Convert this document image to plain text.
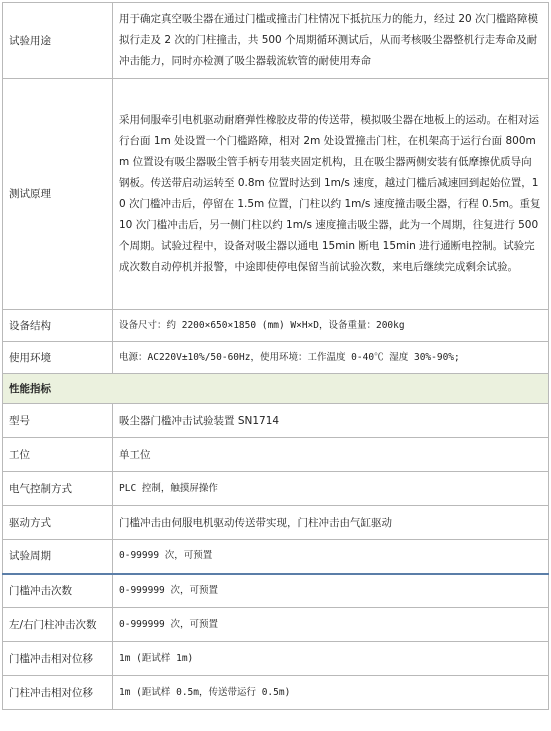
试验用途	用于确定真空吸尘器在通过门槛或撞击门柱情况下抵抗压力的能力，经过 20 次门槛路障模拟行走及 2 次的门柱撞击，共 500 个周期循环测试后，从而考核吸尘器整机行走寿命及耐冲击能力，同时亦检测了吸尘器载流软管的耐使用寿命
测试原理	采用伺服牵引电机驱动耐磨弹性橡胶皮带的传送带，模拟吸尘器在地板上的运动。在相对运行台面 1m 处设置一个门槛路障，相对 2m 处设置撞击门柱，在机架高于运行台面 800mm 位置设有吸尘器吸尘管手柄专用装夹固定机构，且在吸尘器两侧安装有低摩擦优质导向钢板。传送带启动运转至 0.8m 位置时达到 1m/s 速度，越过门槛后减速回到起始位置，10 次门槛冲击后，停留在 1.5m 位置，门柱以约 1m/s 速度撞击吸尘器，行程 0.5m。重复 10 次门槛冲击后，另一侧门柱以约 1m/s 速度撞击吸尘器，此为一个周期，往复进行 500 个周期。试验过程中，设备对吸尘器以通电 15min 断电 15min 进行通断电控制。试验完成次数自动停机并报警，中途即使停电保留当前试验次数，来电后继续完成剩余试验。
设备结构	设备尺寸：约 2200×650×1850 (mm) W×H×D，设备重量：200kg
使用环境	电源：AC220V±10%/50-60Hz，使用环境：工作温度 0-40℃ 湿度 30%-90%;
性能指标	
型号	吸尘器门槛冲击试验装置 SN1714
工位	单工位
电气控制方式	PLC 控制，触摸屏操作
驱动方式	门槛冲击由伺服电机驱动传送带实现，门柱冲击由气缸驱动
试验周期	0-99999 次，可预置
门槛冲击次数	0-999999 次，可预置
左/右门柱冲击次数	0-999999 次，可预置
门槛冲击相对位移	1m (距试样 1m)
门柱冲击相对位移	1m (距试样 0.5m，传送带运行 0.5m)
